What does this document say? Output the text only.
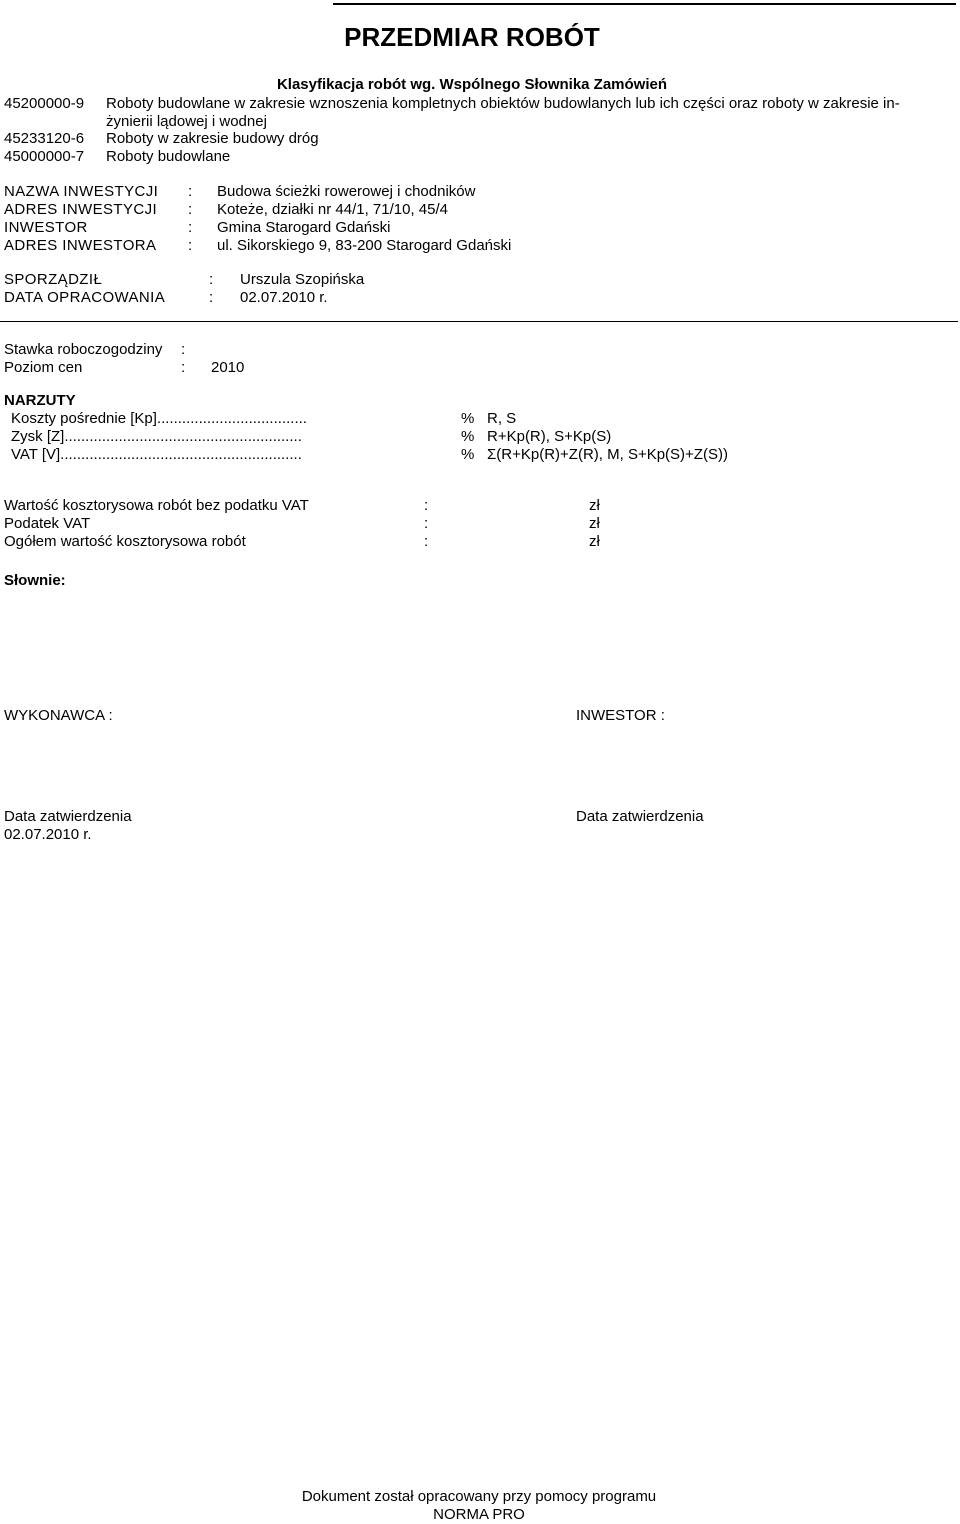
PRZEDMIAR ROBÓT
Klasyfikacja robót wg. Wspólnego Słownika Zamówień
45200000-9 Roboty budowlane w zakresie wznoszenia kompletnych obiektów budowlanych lub ich części oraz roboty w zakresie in-
żynierii lądowej i wodnej
45233120-6 Roboty w zakresie budowy dróg
45000000-7 Roboty budowlane
NAZWA INWESTYCJI : Budowa ścieżki rowerowej i chodników
ADRES INWESTYCJI : Koteże, działki nr 44/1, 71/10, 45/4
INWESTOR	: Gmina Starogard Gdański
ADRES INWESTORA : ul. Sikorskiego 9, 83-200 Starogard Gdański
SPORZĄDZIŁ	: Urszula Szopińska
DATA OPRACOWANIA	: 02.07.2010 r.
Stawka roboczogodziny :
Poziom cen	: 2010
NARZUTY
Koszty pośrednie [Kp]....................................	% R, S
Zysk [Z].........................................................	% R+Kp(R), S+Kp(S)
VAT [V]..........................................................	% Σ(R+Kp(R)+Z(R), M, S+Kp(S)+Z(S))
Wartość kosztorysowa robót bez podatku VAT	:	zł
Podatek VAT	:	zł
Ogółem wartość kosztorysowa robót	:	zł
Słownie:
WYKONAWCA :	INWESTOR :
Data zatwierdzenia
02.07.2010 r.
Data zatwierdzenia
Dokument został opracowany przy pomocy programu
NORMA PRO
